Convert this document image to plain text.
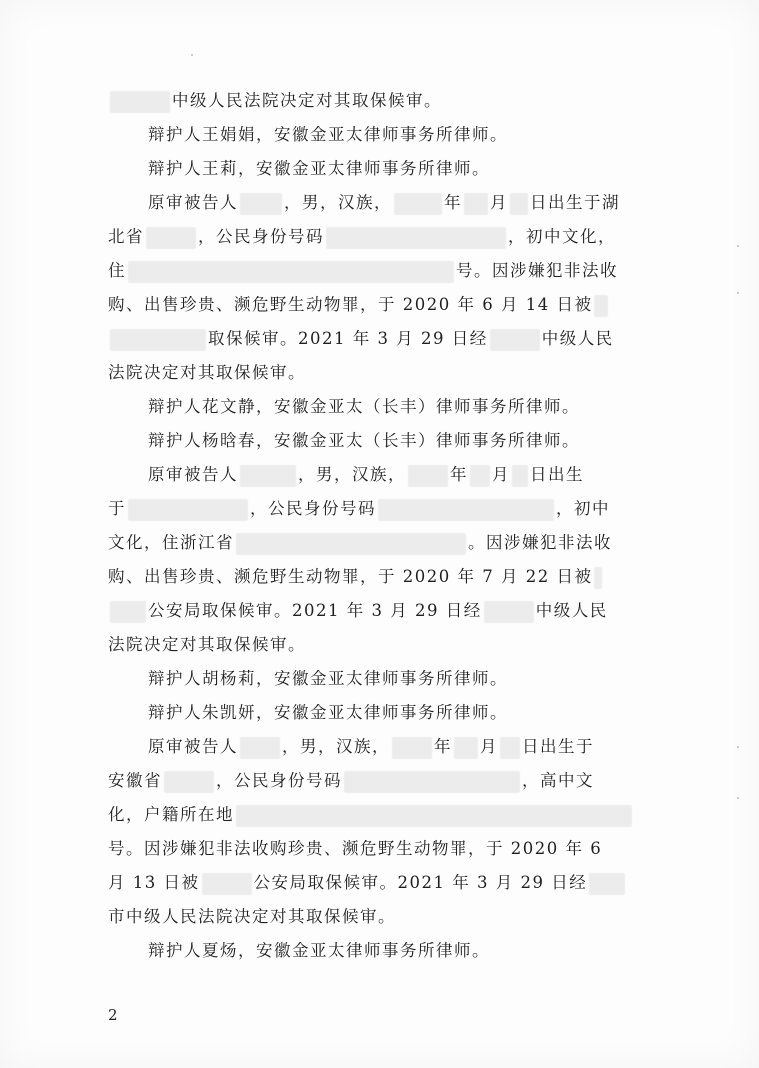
中级人民法院决定对其取保候审。
辩护人王娟娟，安徽金亚太律师事务所律师。
辩护人王莉，安徽金亚太律师事务所律师。
原审被告人	，男，汉族，	年 月 日出生于湖
北省	，公民身份号码	，初中文化，
住	号。因涉嫌犯非法收
购、出售珍贵、濒危野生动物罪，于 2020 年 6 月 14 日被
取保候审。2021 年 3 月 29 日经	中级人民
法院决定对其取保候审。
辩护人花文静，安徽金亚太（长丰）律师事务所律师。
辩护人杨晗春，安徽金亚太（长丰）律师事务所律师。
原审被告人	，男，汉族，	年 月 日出生
于	，公民身份号码	，初中
文化，住浙江省	。因涉嫌犯非法收
购、出售珍贵、濒危野生动物罪，于 2020 年 7 月 22 日被
公安局取保候审。2021 年 3 月 29 日经	中级人民
法院决定对其取保候审。
辩护人胡杨莉，安徽金亚太律师事务所律师。
辩护人朱凯妍，安徽金亚太律师事务所律师。
原审被告人	，男，汉族，	年 月 日出生于
安徽省	，公民身份号码	，高中文
化，户籍所在地
号。因涉嫌犯非法收购珍贵、濒危野生动物罪，于 2020 年 6
月 13 日被	公安局取保候审。2021 年 3 月 29 日经
市中级人民法院决定对其取保候审。
辩护人夏炀，安徽金亚太律师事务所律师。
2
